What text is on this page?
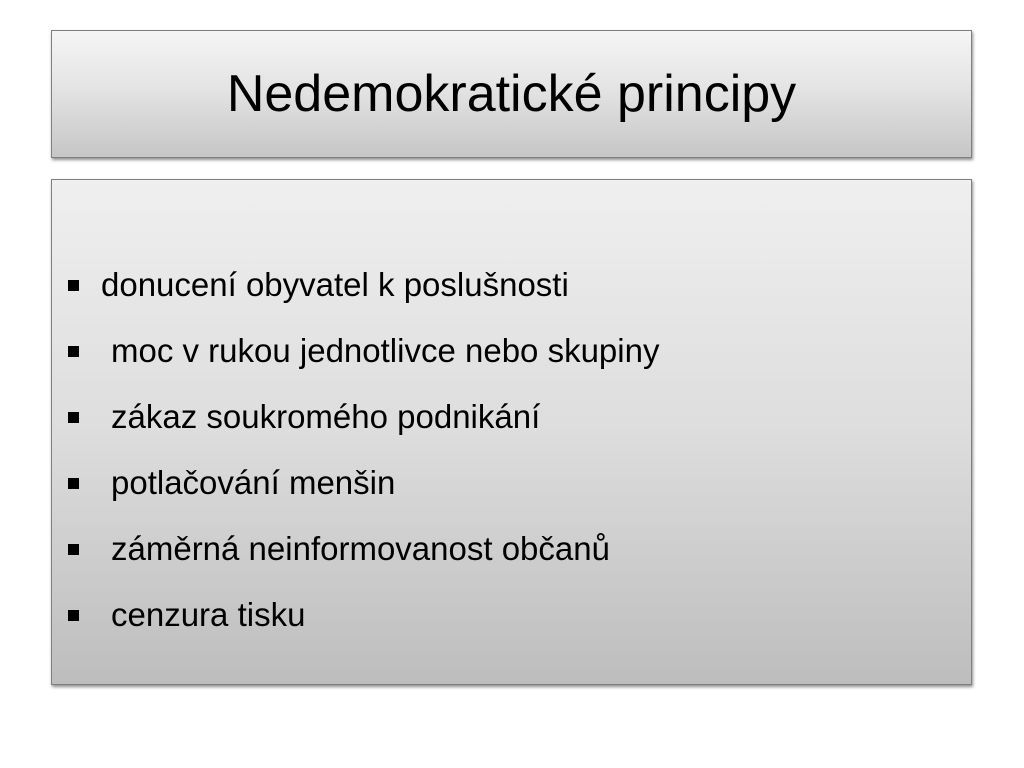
Nedemokratické principy
donucení obyvatel k poslušnosti
moc v rukou jednotlivce nebo skupiny
zákaz soukromého podnikání
potlačování menšin
záměrná neinformovanost občanů
cenzura tisku
